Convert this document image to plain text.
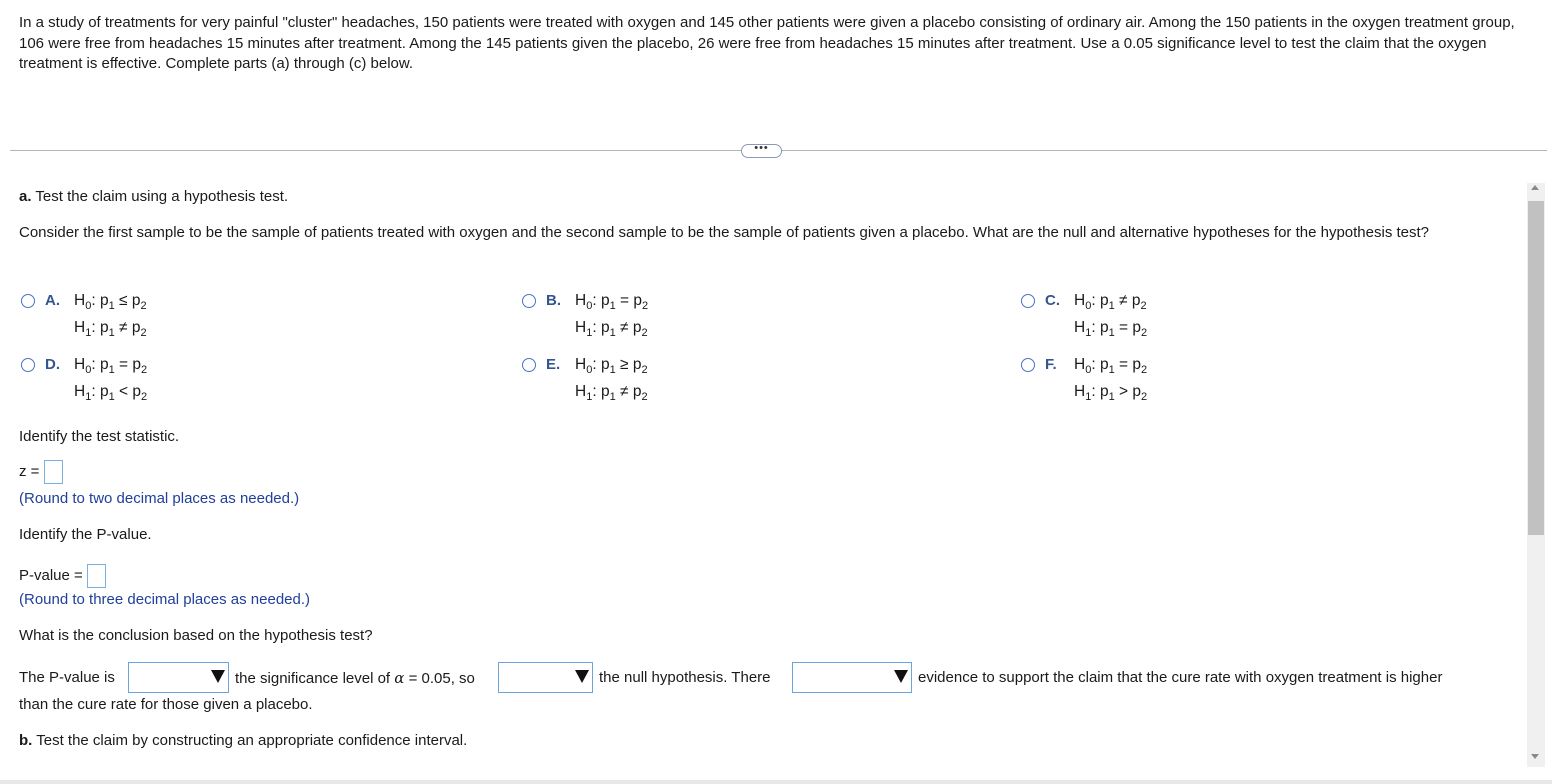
In a study of treatments for very painful "cluster" headaches, 150 patients were treated with oxygen and 145 other patients were given a placebo consisting of ordinary air. Among the 150 patients in the oxygen treatment group, 106 were free from headaches 15 minutes after treatment. Among the 145 patients given the placebo, 26 were free from headaches 15 minutes after treatment. Use a 0.05 significance level to test the claim that the oxygen treatment is effective. Complete parts (a) through (c) below.
•••
a. Test the claim using a hypothesis test.
Consider the first sample to be the sample of patients treated with oxygen and the second sample to be the sample of patients given a placebo. What are the null and alternative hypotheses for the hypothesis test?
A. $H_0$: $p_1 \le p_2$
$H_1$: $p_1 \ne p_2$
B. $H_0$: $p_1 = p_2$
$H_1$: $p_1 \ne p_2$
C. $H_0$: $p_1 \ne p_2$
$H_1$: $p_1 = p_2$
D. $H_0$: $p_1 = p_2$
$H_1$: $p_1 < p_2$
E. $H_0$: $p_1 \ge p_2$
$H_1$: $p_1 \ne p_2$
F. $H_0$: $p_1 = p_2$
$H_1$: $p_1 > p_2$
Identify the test statistic.
z =
(Round to two decimal places as needed.)
Identify the P-value.
P-value =
(Round to three decimal places as needed.)
What is the conclusion based on the hypothesis test?
The P-value is	the significance level of α = 0.05, so	the null hypothesis. There	evidence to support the claim that the cure rate with oxygen treatment is higher
than the cure rate for those given a placebo.
b. Test the claim by constructing an appropriate confidence interval.
